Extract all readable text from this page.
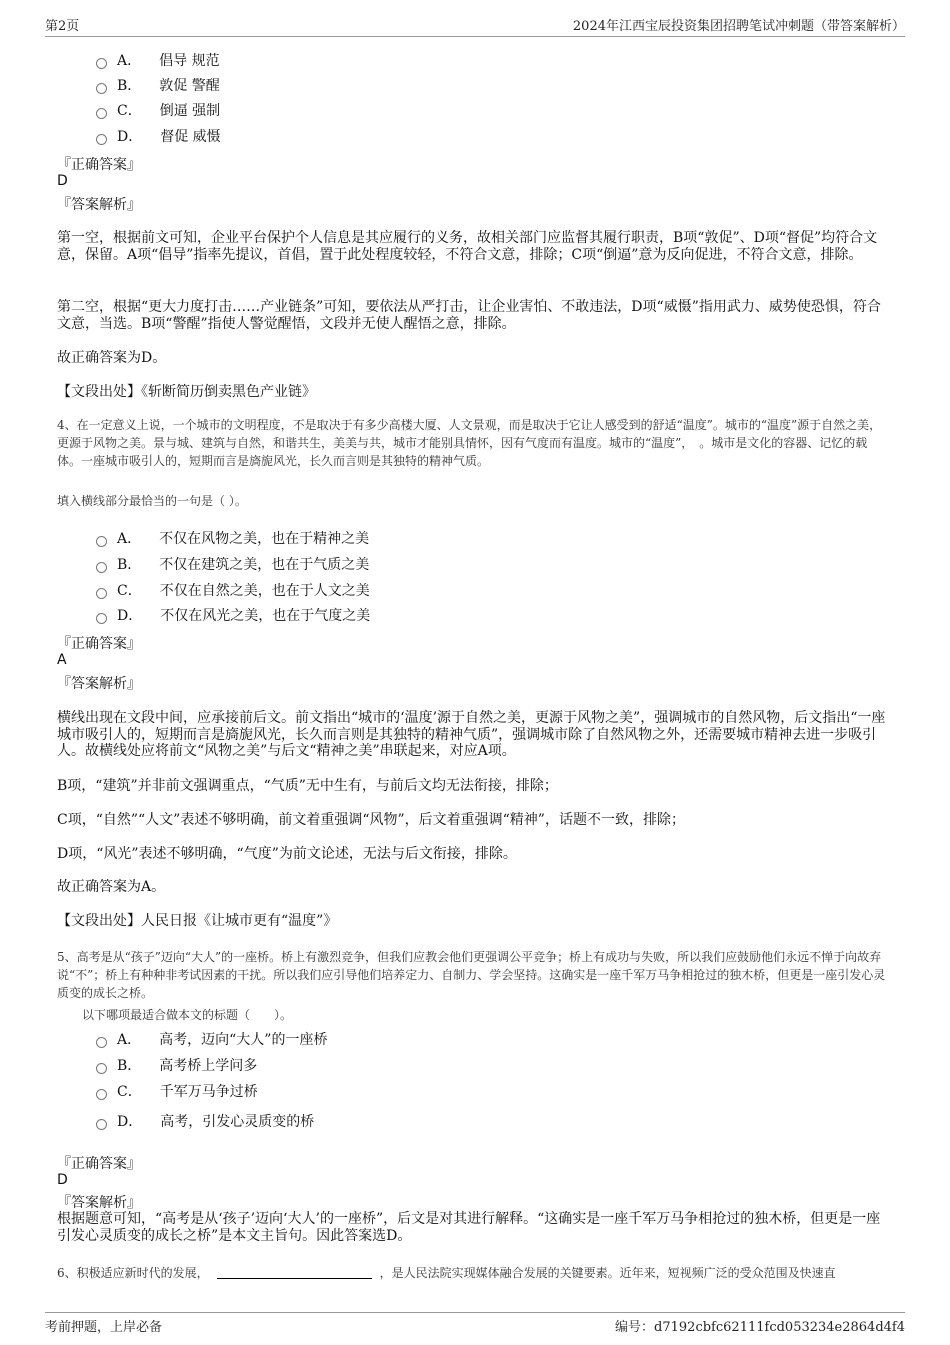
第2页	2024年江西宝辰投资集团招聘笔试冲刺题（带答案解析）
A． 倡导 规范
B． 敦促 警醒
C． 倒逼 强制
D． 督促 威慑
『正确答案』
D
『答案解析』
第一空，根据前文可知，企业平台保护个人信息是其应履行的义务，故相关部门应监督其履行职责，B项“敦促”、D项“督促”均符合文意，保留。A项“倡导”指率先提议，首倡，置于此处程度较轻，不符合文意，排除；C项“倒逼”意为反向促进，不符合文意，排除。
第二空，根据“更大力度打击……产业链条”可知，要依法从严打击，让企业害怕、不敢违法，D项“威慑”指用武力、威势使恐惧，符合文意，当选。B项“警醒”指使人警觉醒悟，文段并无使人醒悟之意，排除。
故正确答案为D。
【文段出处】《斩断简历倒卖黑色产业链》
4、在一定意义上说，一个城市的文明程度，不是取决于有多少高楼大厦、人文景观，而是取决于它让人感受到的舒适“温度”。城市的“温度”源于自然之美，更源于风物之美。景与城、建筑与自然，和谐共生，美美与共，城市才能别具情怀，因有气度而有温度。城市的“温度”，　。城市是文化的容器、记忆的载体。一座城市吸引人的，短期而言是旖旎风光，长久而言则是其独特的精神气质。
填入横线部分最恰当的一句是（ ）。
A． 不仅在风物之美，也在于精神之美
B． 不仅在建筑之美，也在于气质之美
C． 不仅在自然之美，也在于人文之美
D． 不仅在风光之美，也在于气度之美
『正确答案』
A
『答案解析』
横线出现在文段中间，应承接前后文。前文指出“城市的‘温度’源于自然之美，更源于风物之美”，强调城市的自然风物，后文指出“一座城市吸引人的，短期而言是旖旎风光，长久而言则是其独特的精神气质”，强调城市除了自然风物之外，还需要城市精神去进一步吸引人。故横线处应将前文“风物之美”与后文“精神之美”串联起来，对应A项。
B项，“建筑”并非前文强调重点，“气质”无中生有，与前后文均无法衔接，排除；
C项，“自然”“人文”表述不够明确，前文着重强调“风物”，后文着重强调“精神”，话题不一致，排除；
D项，“风光”表述不够明确，“气度”为前文论述，无法与后文衔接，排除。
故正确答案为A。
【文段出处】人民日报《让城市更有“温度”》
5、高考是从“孩子”迈向“大人”的一座桥。桥上有激烈竞争，但我们应教会他们更强调公平竞争；桥上有成功与失败，所以我们应鼓励他们永远不惮于向故弃说“不”；桥上有种种非考试因素的干扰。所以我们应引导他们培养定力、自制力、学会坚持。这确实是一座千军万马争相抢过的独木桥，但更是一座引发心灵质变的成长之桥。
以下哪项最适合做本文的标题（　　）。
A． 高考，迈向“大人”的一座桥
B． 高考桥上学问多
C． 千军万马争过桥
D． 高考，引发心灵质变的桥
『正确答案』
D
『答案解析』
根据题意可知，“高考是从‘孩子’迈向‘大人’的一座桥”，后文是对其进行解释。“这确实是一座千军万马争相抢过的独木桥，但更是一座引发心灵质变的成长之桥”是本文主旨句。因此答案选D。
6、积极适应新时代的发展，	，是人民法院实现媒体融合发展的关键要素。近年来，短视频广泛的受众范围及快速直
考前押题，上岸必备	编号：d7192cbfc62111fcd053234e2864d4f4
